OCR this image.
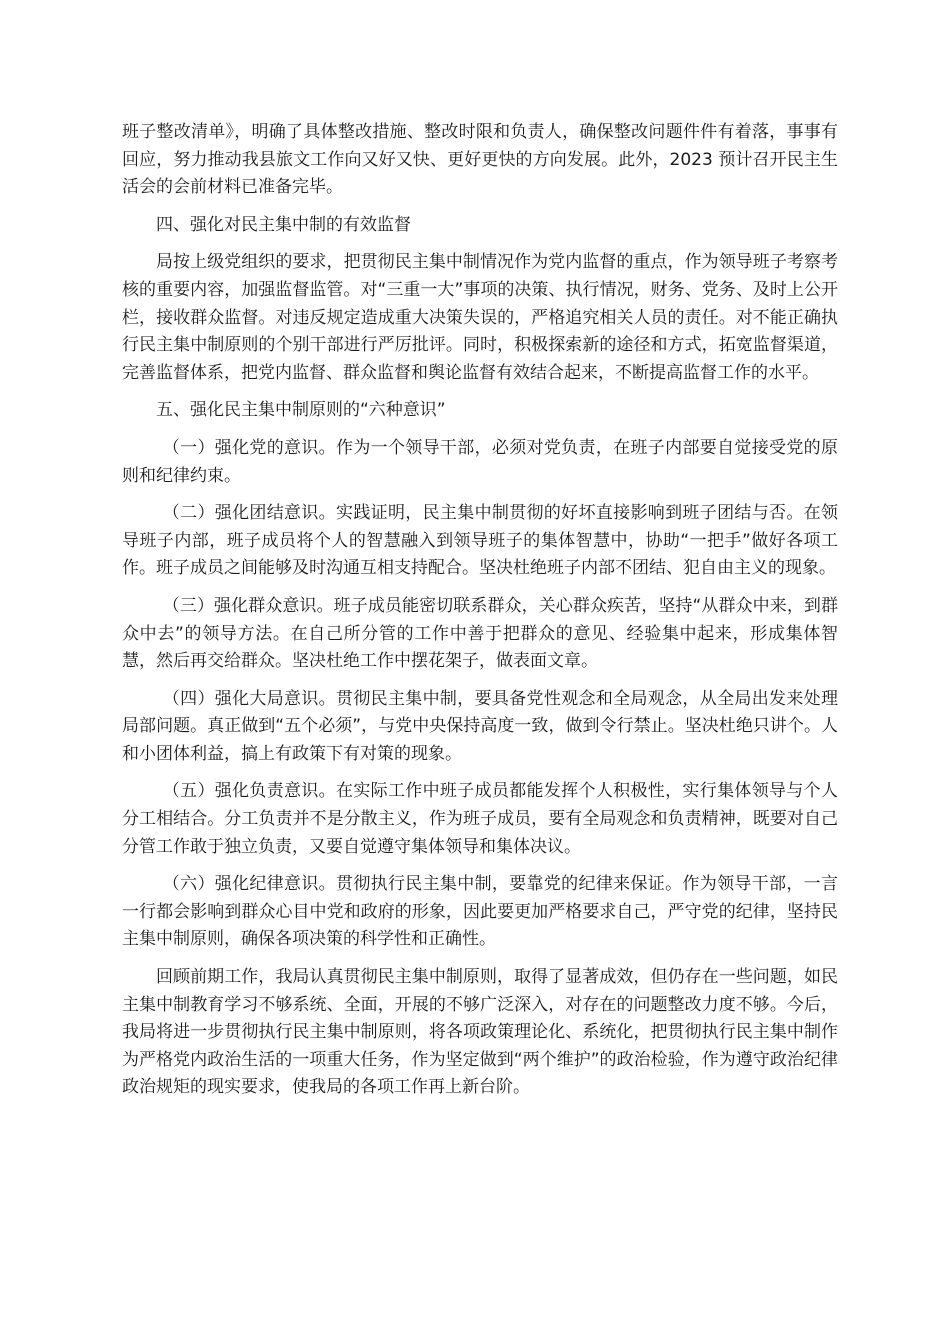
班子整改清单》，明确了具体整改措施、整改时限和负责人，确保整改问题件件有着落，事事有回应，努力推动我县旅文工作向又好又快、更好更快的方向发展。此外，2023 预计召开民主生活会的会前材料已准备完毕。

四、强化对民主集中制的有效监督

局按上级党组织的要求，把贯彻民主集中制情况作为党内监督的重点，作为领导班子考察考核的重要内容，加强监督监管。对“三重一大”事项的决策、执行情况，财务、党务、及时上公开栏，接收群众监督。对违反规定造成重大决策失误的，严格追究相关人员的责任。对不能正确执行民主集中制原则的个别干部进行严厉批评。同时，积极探索新的途径和方式，拓宽监督渠道，完善监督体系，把党内监督、群众监督和舆论监督有效结合起来，不断提高监督工作的水平。

五、强化民主集中制原则的“六种意识”

（一）强化党的意识。作为一个领导干部，必须对党负责，在班子内部要自觉接受党的原则和纪律约束。

（二）强化团结意识。实践证明，民主集中制贯彻的好坏直接影响到班子团结与否。在领导班子内部，班子成员将个人的智慧融入到领导班子的集体智慧中，协助“一把手”做好各项工作。班子成员之间能够及时沟通互相支持配合。坚决杜绝班子内部不团结、犯自由主义的现象。

（三）强化群众意识。班子成员能密切联系群众，关心群众疾苦，坚持“从群众中来，到群众中去”的领导方法。在自己所分管的工作中善于把群众的意见、经验集中起来，形成集体智慧，然后再交给群众。坚决杜绝工作中摆花架子，做表面文章。

（四）强化大局意识。贯彻民主集中制，要具备党性观念和全局观念，从全局出发来处理局部问题。真正做到“五个必须”，与党中央保持高度一致，做到令行禁止。坚决杜绝只讲个。人和小团体利益，搞上有政策下有对策的现象。

（五）强化负责意识。在实际工作中班子成员都能发挥个人积极性，实行集体领导与个人分工相结合。分工负责并不是分散主义，作为班子成员，要有全局观念和负责精神，既要对自己分管工作敢于独立负责，又要自觉遵守集体领导和集体决议。

（六）强化纪律意识。贯彻执行民主集中制，要靠党的纪律来保证。作为领导干部，一言一行都会影响到群众心目中党和政府的形象，因此要更加严格要求自己，严守党的纪律，坚持民主集中制原则，确保各项决策的科学性和正确性。

回顾前期工作，我局认真贯彻民主集中制原则，取得了显著成效，但仍存在一些问题，如民主集中制教育学习不够系统、全面，开展的不够广泛深入，对存在的问题整改力度不够。今后，我局将进一步贯彻执行民主集中制原则，将各项政策理论化、系统化，把贯彻执行民主集中制作为严格党内政治生活的一项重大任务，作为坚定做到“两个维护”的政治检验，作为遵守政治纪律政治规矩的现实要求，使我局的各项工作再上新台阶。
